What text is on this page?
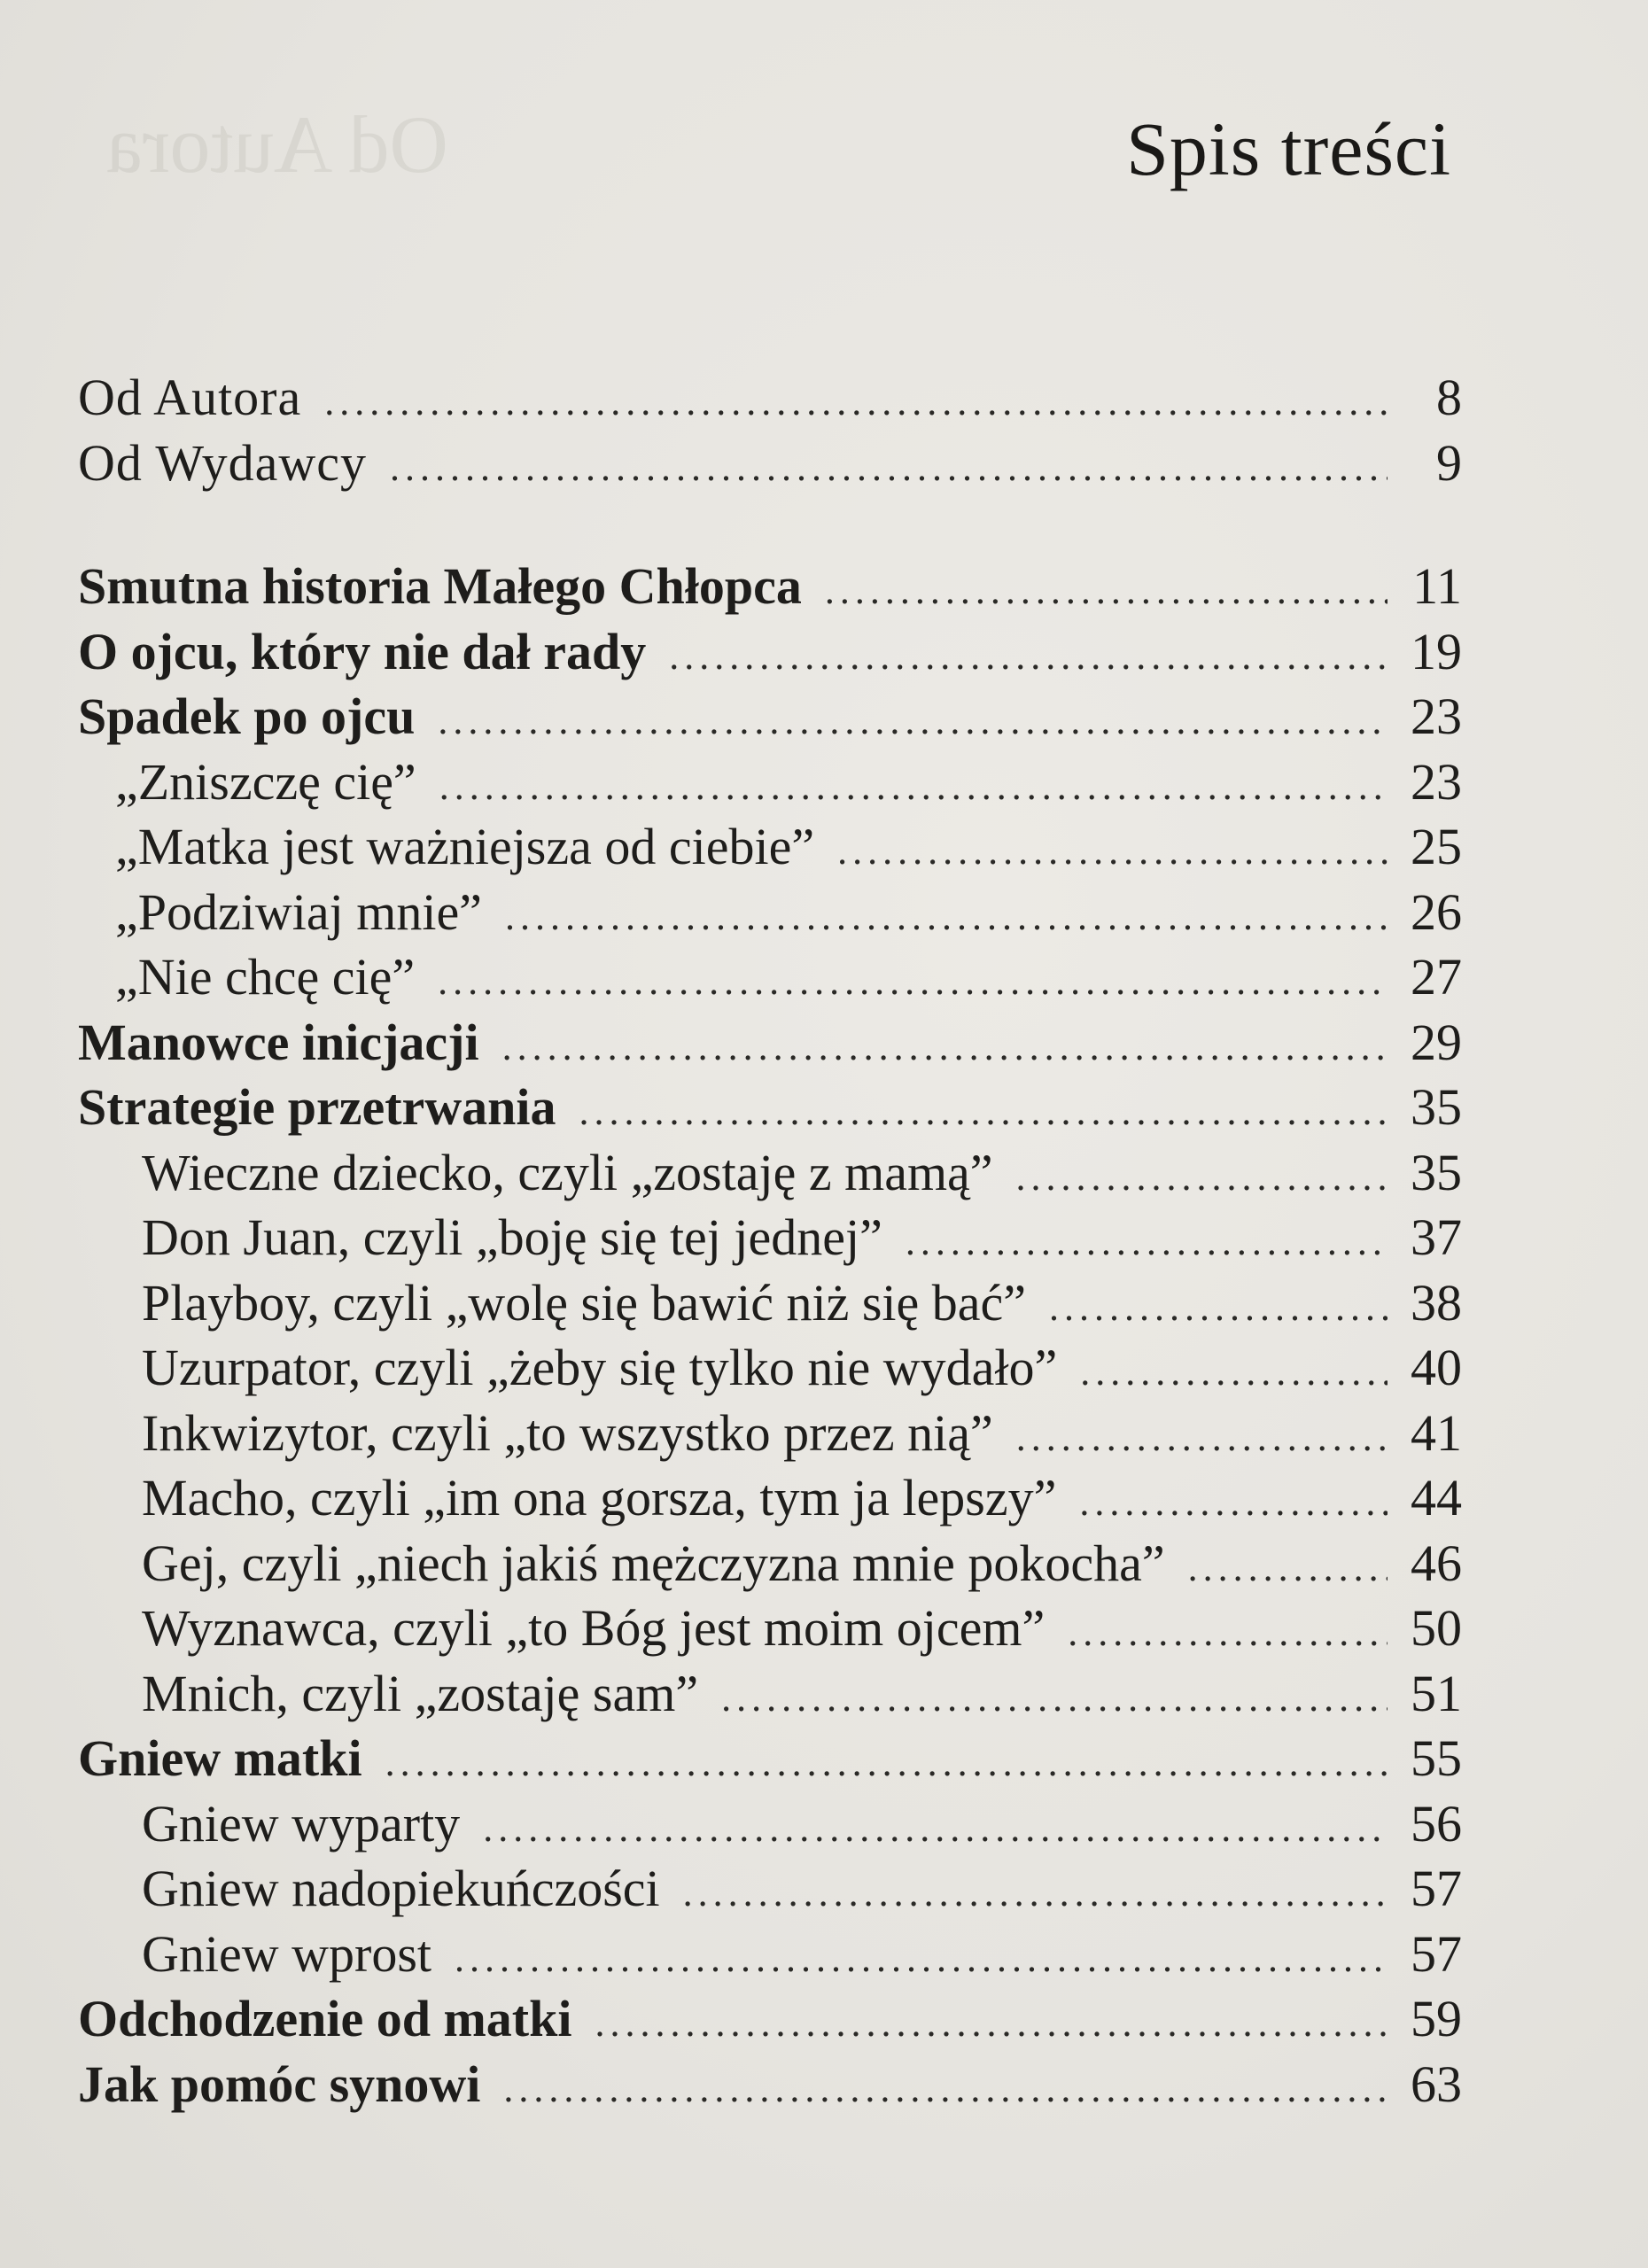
Od Autora	Spis treści
Od Autora .....	8
Od Wydawcy .....	9
Smutna historia Małego Chłopca .....	11
O ojcu, który nie dał rady .....	19
Spadek po ojcu .....	23
„Zniszczę cię” .....	23
„Matka jest ważniejsza od ciebie” .....	25
„Podziwiaj mnie” .....	26
„Nie chcę cię” .....	27
Manowce inicjacji .....	29
Strategie przetrwania .....	35
Wieczne dziecko, czyli „zostaję z mamą” .....	35
Don Juan, czyli „boję się tej jednej” .....	37
Playboy, czyli „wolę się bawić niż się bać” .....	38
Uzurpator, czyli „żeby się tylko nie wydało” .....	40
Inkwizytor, czyli „to wszystko przez nią” .....	41
Macho, czyli „im ona gorsza, tym ja lepszy” .....	44
Gej, czyli „niech jakiś mężczyzna mnie pokocha” .....	46
Wyznawca, czyli „to Bóg jest moim ojcem” .....	50
Mnich, czyli „zostaję sam” .....	51
Gniew matki .....	55
Gniew wyparty .....	56
Gniew nadopiekuńczości .....	57
Gniew wprost .....	57
Odchodzenie od matki .....	59
Jak pomóc synowi .....	63
